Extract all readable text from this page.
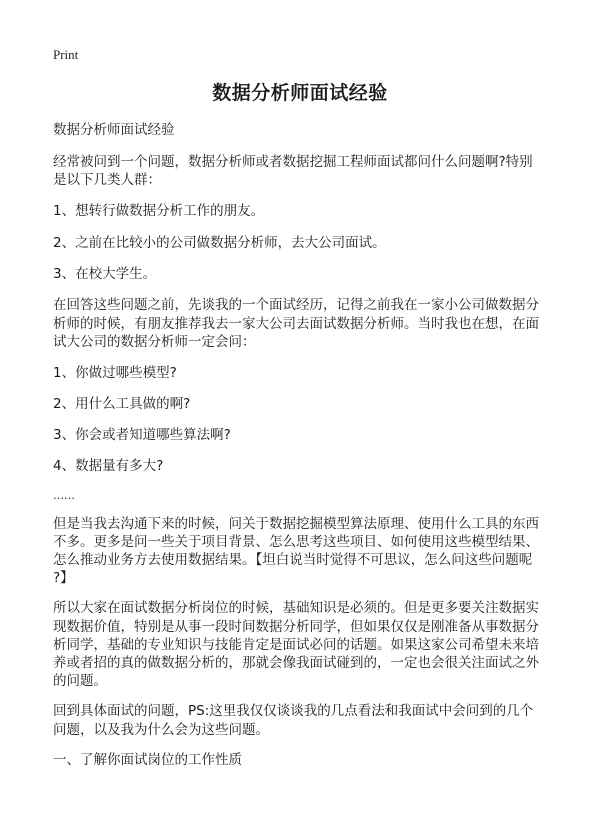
Print
数据分析师面试经验
数据分析师面试经验
经常被问到一个问题，数据分析师或者数据挖掘工程师面试都问什么问题啊?特别
是以下几类人群：
1、想转行做数据分析工作的朋友。
2、之前在比较小的公司做数据分析师，去大公司面试。
3、在校大学生。
在回答这些问题之前，先谈我的一个面试经历，记得之前我在一家小公司做数据分
析师的时候，有朋友推荐我去一家大公司去面试数据分析师。当时我也在想，在面
试大公司的数据分析师一定会问：
1、你做过哪些模型?
2、用什么工具做的啊?
3、你会或者知道哪些算法啊?
4、数据量有多大?
……
但是当我去沟通下来的时候，问关于数据挖掘模型算法原理、使用什么工具的东西
不多。更多是问一些关于项目背景、怎么思考这些项目、如何使用这些模型结果、
怎么推动业务方去使用数据结果。【坦白说当时觉得不可思议，怎么问这些问题呢
?】
所以大家在面试数据分析岗位的时候，基础知识是必须的。但是更多要关注数据实
现数据价值，特别是从事一段时间数据分析同学，但如果仅仅是刚准备从事数据分
析同学，基础的专业知识与技能肯定是面试必问的话题。如果这家公司希望未来培
养或者招的真的做数据分析的，那就会像我面试碰到的，一定也会很关注面试之外
的问题。
回到具体面试的问题，PS:这里我仅仅谈谈我的几点看法和我面试中会问到的几个
问题，以及我为什么会为这些问题。
一、了解你面试岗位的工作性质
